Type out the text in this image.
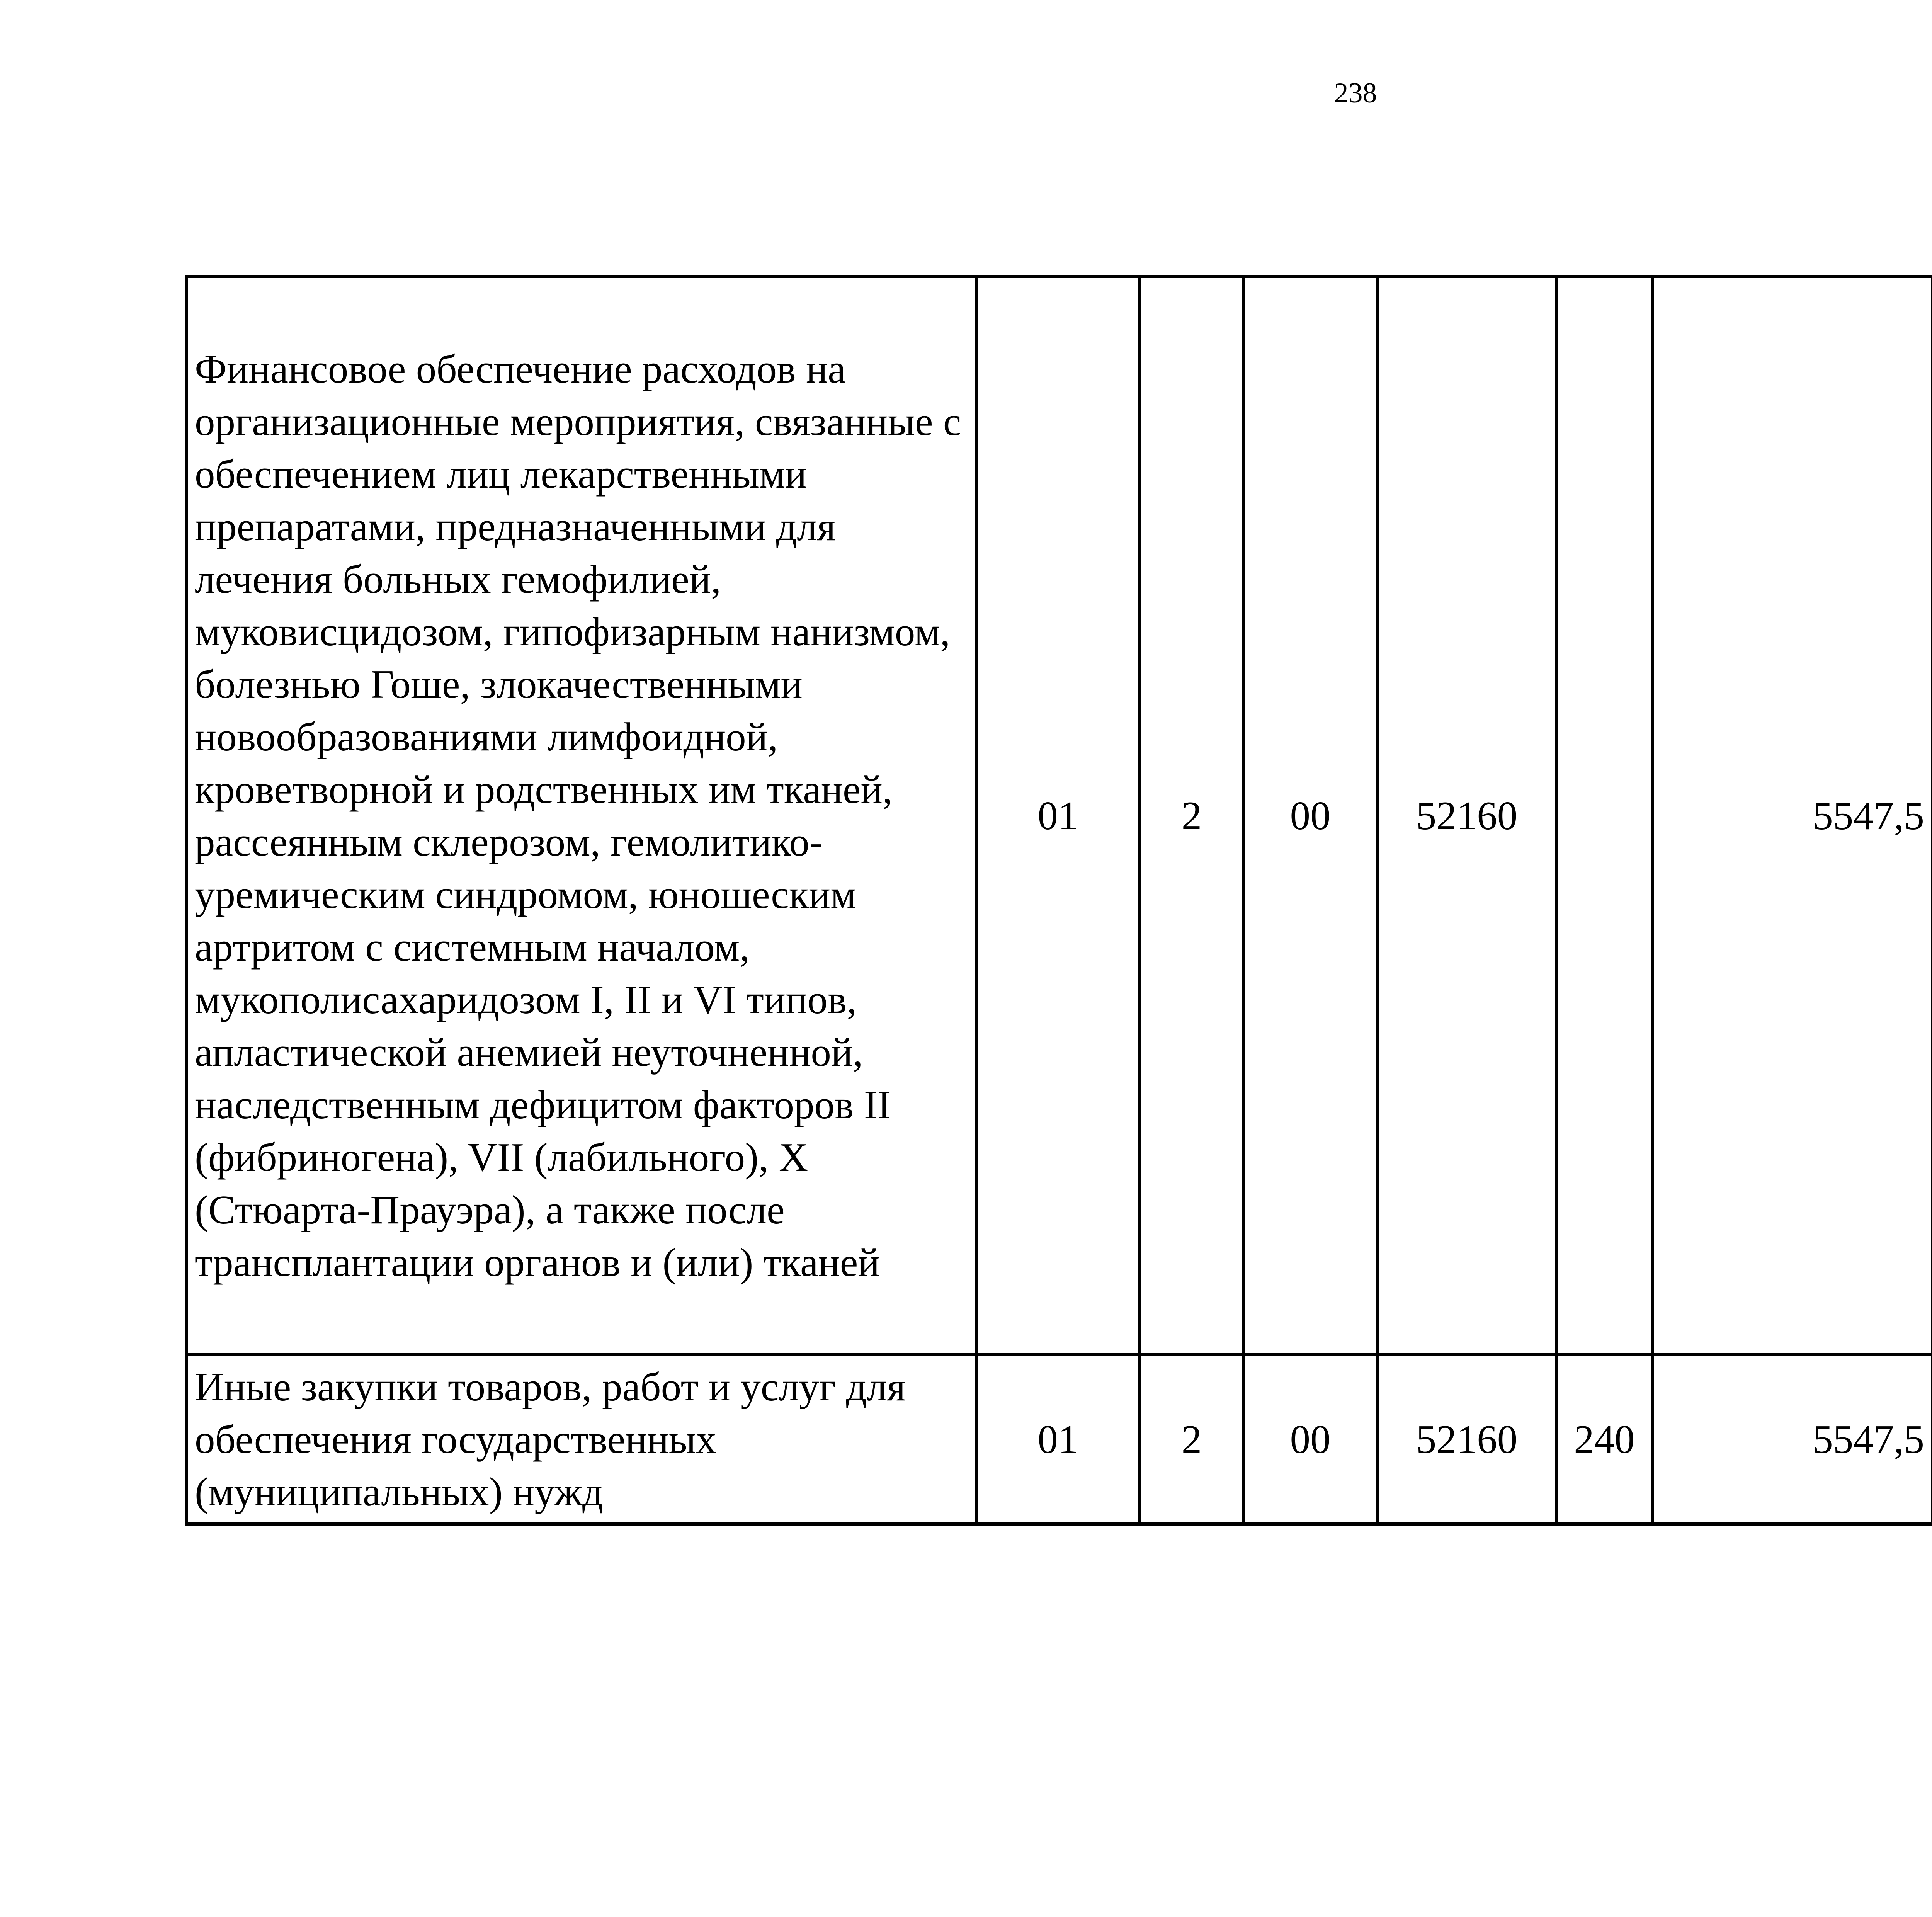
238
Финансовое обеспечение расходов на организационные мероприятия, связанные с обеспечением лиц лекарственными препаратами, предназначенными для лечения больных гемофилией, муковисцидозом, гипофизарным нанизмом, болезнью Гоше, злокачественными новообразованиями лимфоидной, кроветворной и родственных им тканей, рассеянным склерозом, гемолитико-уремическим синдромом, юношеским артритом с системным началом, мукополисахаридозом I, II и VI типов, апластической анемией неуточненной, наследственным дефицитом факторов II (фибриногена), VII (лабильного), X (Стюарта-Прауэра), а также после трансплантации органов и (или) тканей	01	2	00	52160		5547,5		
Иные закупки товаров, работ и услуг для обеспечения государственных (муниципальных) нужд	01	2	00	52160	240	5547,5		
